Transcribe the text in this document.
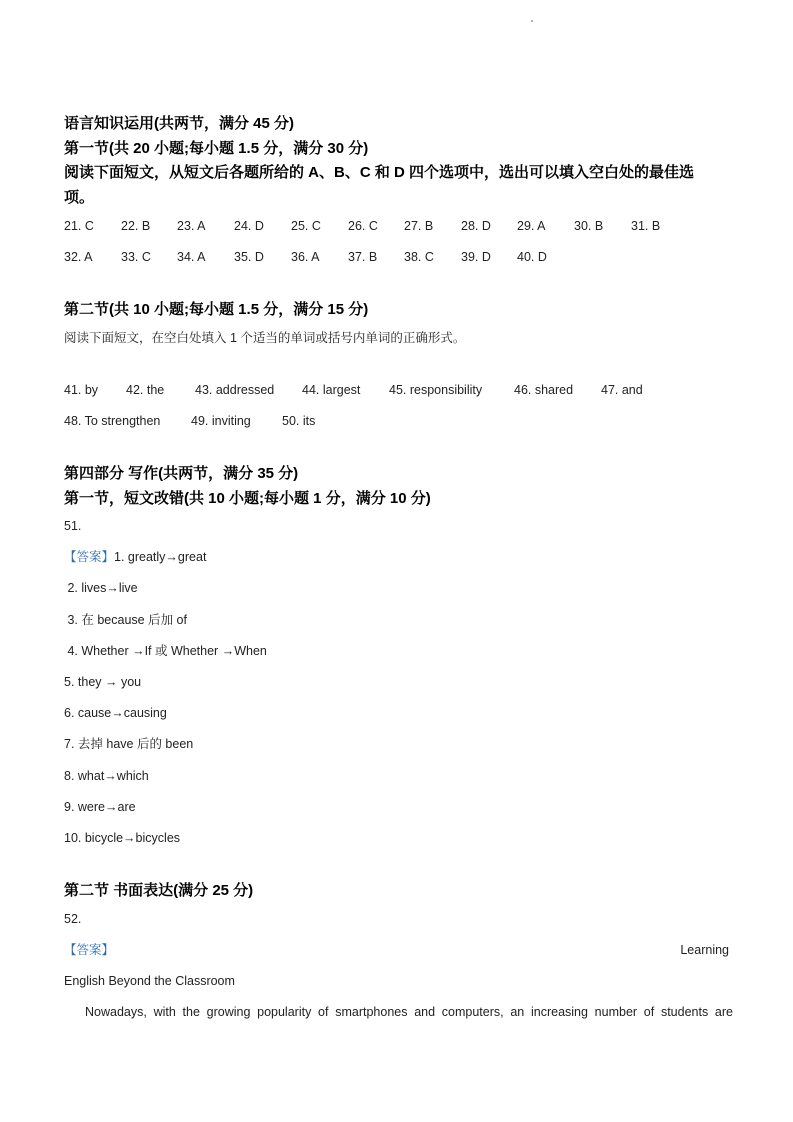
语言知识运用(共两节，满分 45 分)
第一节(共 20 小题;每小题 1.5 分，满分 30 分)
阅读下面短文，从短文后各题所给的 A、B、C 和 D 四个选项中，选出可以填入空白处的最佳选
项。
21. C 22. B 23. A 24. D 25. C 26. C 27. B 28. D 29. A 30. B 31. B
32. A 33. C 34. A 35. D 36. A 37. B 38. C 39. D 40. D
第二节(共 10 小题;每小题 1.5 分，满分 15 分)
阅读下面短文，在空白处填入 1 个适当的单词或括号内单词的正确形式。
41. by 42. the 43. addressed 44. largest 45. responsibility	46. shared 47. and
48. To strengthen 49. inviting 50. its
第四部分 写作(共两节，满分 35 分)
第一节，短文改错(共 10 小题;每小题 1 分，满分 10 分)
51.
【答案】1. greatly→great
2. lives→live
3. 在 because 后加 of
4. Whether →If 或 Whether →When
5. they → you
6. cause→causing
7. 去掉 have 后的 been
8. what→which
9. were→are
10. bicycle→bicycles
第二节 书面表达(满分 25 分)
52.
【答案】	Learning
English Beyond the Classroom
Nowadays, with the growing popularity of smartphones and computers, an increasing number of students are
